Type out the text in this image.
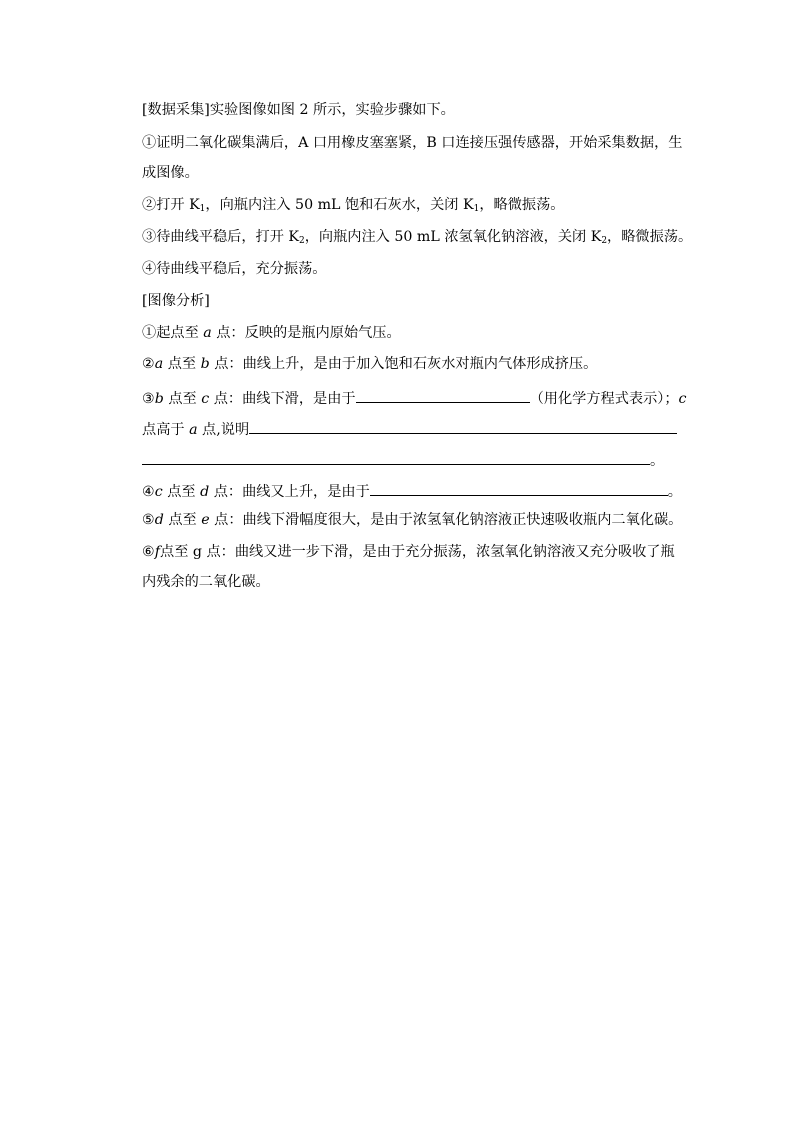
[数据采集]实验图像如图 2 所示，实验步骤如下。
①证明二氧化碳集满后，A 口用橡皮塞塞紧，B 口连接压强传感器，开始采集数据，生
成图像。
②打开 $K_1$，向瓶内注入 50 mL 饱和石灰水，关闭 $K_1$，略微振荡。
③待曲线平稳后，打开 $K_2$，向瓶内注入 50 mL 浓氢氧化钠溶液，关闭 $K_2$，略微振荡。
④待曲线平稳后，充分振荡。
[图像分析]
①起点至 a 点：反映的是瓶内原始气压。
②a 点至 b 点：曲线上升，是由于加入饱和石灰水对瓶内气体形成挤压。
③b 点至 c 点：曲线下滑，是由于	（用化学方程式表示）；c
点高于 a 点,说明
。
④c 点至 d 点：曲线又上升，是由于	。
⑤d 点至 e 点：曲线下滑幅度很大，是由于浓氢氧化钠溶液正快速吸收瓶内二氧化碳。
⑥f点至 g 点：曲线又进一步下滑，是由于充分振荡，浓氢氧化钠溶液又充分吸收了瓶
内残余的二氧化碳。
